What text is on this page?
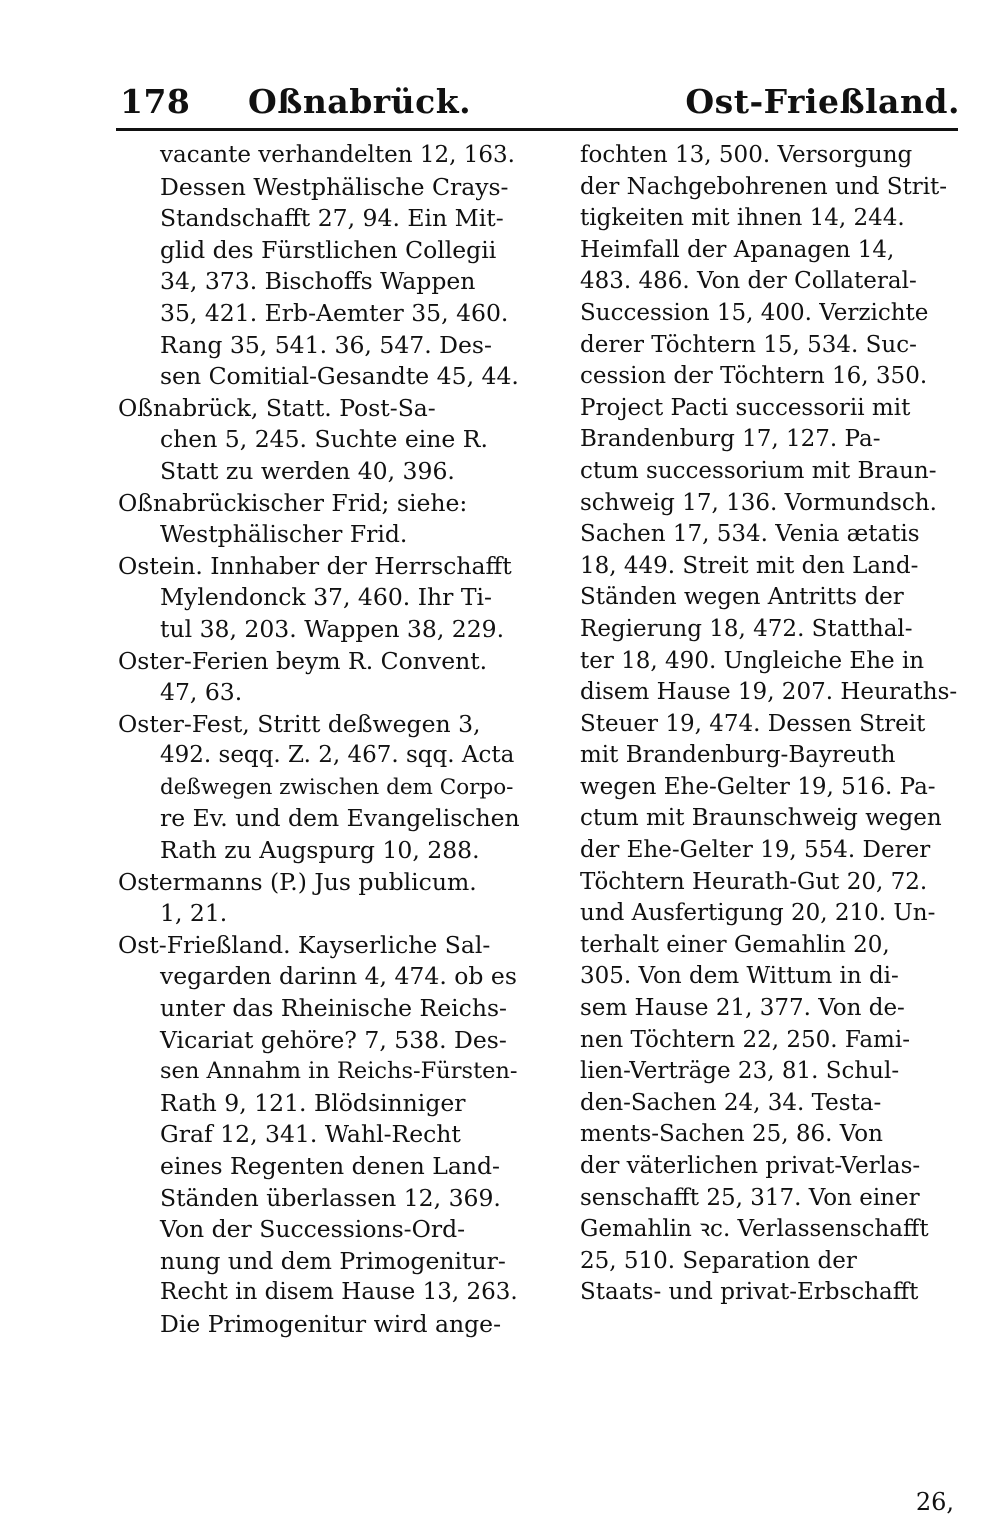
178 Oßnabrück.	Ost-Frießland.
vacante verhandelten 12, 163.
Dessen Westphälische Crays-
Standschafft 27, 94. Ein Mit-
glid des Fürstlichen Collegii
34, 373. Bischoffs Wappen
35, 421. Erb-Aemter 35, 460.
Rang 35, 541. 36, 547. Des-
sen Comitial-Gesandte 45, 44.
Oßnabrück, Statt. Post-Sa-
chen 5, 245. Suchte eine R.
Statt zu werden 40, 396.
Oßnabrückischer Frid; siehe:
Westphälischer Frid.
Ostein. Innhaber der Herrschafft
Mylendonck 37, 460. Ihr Ti-
tul 38, 203. Wappen 38, 229.
Oster-Ferien beym R. Convent.
47, 63.
Oster-Fest, Stritt deßwegen 3,
492. seqq. Z. 2, 467. sqq. Acta
deßwegen zwischen dem Corpo-
re Ev. und dem Evangelischen
Rath zu Augspurg 10, 288.
Ostermanns (P.) Jus publicum.
1, 21.
Ost-Frießland. Kayserliche Sal-
vegarden darinn 4, 474. ob es
unter das Rheinische Reichs-
Vicariat gehöre? 7, 538. Des-
sen Annahm in Reichs-Fürsten-
Rath 9, 121. Blödsinniger
Graf 12, 341. Wahl-Recht
eines Regenten denen Land-
Ständen überlassen 12, 369.
Von der Successions-Ord-
nung und dem Primogenitur-
Recht in disem Hause 13, 263.
Die Primogenitur wird ange-
fochten 13, 500. Versorgung
der Nachgebohrenen und Strit-
tigkeiten mit ihnen 14, 244.
Heimfall der Apanagen 14,
483. 486. Von der Collateral-
Succession 15, 400. Verzichte
derer Töchtern 15, 534. Suc-
cession der Töchtern 16, 350.
Project Pacti successorii mit
Brandenburg 17, 127. Pa-
ctum successorium mit Braun-
schweig 17, 136. Vormundsch.
Sachen 17, 534. Venia ætatis
18, 449. Streit mit den Land-
Ständen wegen Antritts der
Regierung 18, 472. Statthal-
ter 18, 490. Ungleiche Ehe in
disem Hause 19, 207. Heuraths-
Steuer 19, 474. Dessen Streit
mit Brandenburg-Bayreuth
wegen Ehe-Gelter 19, 516. Pa-
ctum mit Braunschweig wegen
der Ehe-Gelter 19, 554. Derer
Töchtern Heurath-Gut 20, 72.
und Ausfertigung 20, 210. Un-
terhalt einer Gemahlin 20,
305. Von dem Wittum in di-
sem Hause 21, 377. Von de-
nen Töchtern 22, 250. Fami-
lien-Verträge 23, 81. Schul-
den-Sachen 24, 34. Testa-
ments-Sachen 25, 86. Von
der väterlichen privat-Verlas-
senschafft 25, 317. Von einer
Gemahlin ꝛc. Verlassenschafft
25, 510. Separation der
Staats- und privat-Erbschafft
26,
